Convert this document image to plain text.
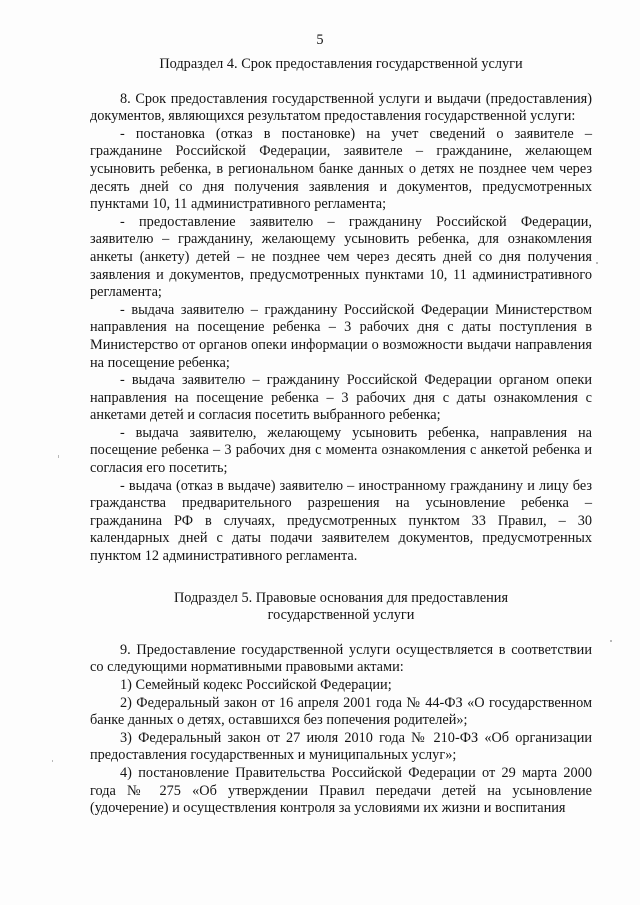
5

Подраздел 4. Срок предоставления государственной услуги

8. Срок предоставления государственной услуги и выдачи (предоставления) документов, являющихся результатом предоставления государственной услуги:

- постановка (отказ в постановке) на учет сведений о заявителе – гражданине Российской Федерации, заявителе – гражданине, желающем усыновить ребенка, в региональном банке данных о детях не позднее чем через десять дней со дня получения заявления и документов, предусмотренных пунктами 10, 11 административного регламента;

- предоставление заявителю – гражданину Российской Федерации, заявителю – гражданину, желающему усыновить ребенка, для ознакомления анкеты (анкету) детей – не позднее чем через десять дней со дня получения заявления и документов, предусмотренных пунктами 10, 11 административного регламента;

- выдача заявителю – гражданину Российской Федерации Министерством направления на посещение ребенка – 3 рабочих дня с даты поступления в Министерство от органов опеки информации о возможности выдачи направления на посещение ребенка;

- выдача заявителю – гражданину Российской Федерации органом опеки направления на посещение ребенка – 3 рабочих дня с даты ознакомления с анкетами детей и согласия посетить выбранного ребенка;

- выдача заявителю, желающему усыновить ребенка, направления на посещение ребенка – 3 рабочих дня с момента ознакомления с анкетой ребенка и согласия его посетить;

- выдача (отказ в выдаче) заявителю – иностранному гражданину и лицу без гражданства предварительного разрешения на усыновление ребенка – гражданина РФ в случаях, предусмотренных пунктом 33 Правил, – 30 календарных дней с даты подачи заявителем документов, предусмотренных пунктом 12 административного регламента.

Подраздел 5. Правовые основания для предоставления
государственной услуги

9. Предоставление государственной услуги осуществляется в соответствии со следующими нормативными правовыми актами:

1) Семейный кодекс Российской Федерации;

2) Федеральный закон от 16 апреля 2001 года № 44-ФЗ «О государственном банке данных о детях, оставшихся без попечения родителей»;

3) Федеральный закон от 27 июля 2010 года № 210-ФЗ «Об организации предоставления государственных и муниципальных услуг»;

4) постановление Правительства Российской Федерации от 29 марта 2000 года № 275 «Об утверждении Правил передачи детей на усыновление (удочерение) и осуществления контроля за условиями их жизни и воспитания
